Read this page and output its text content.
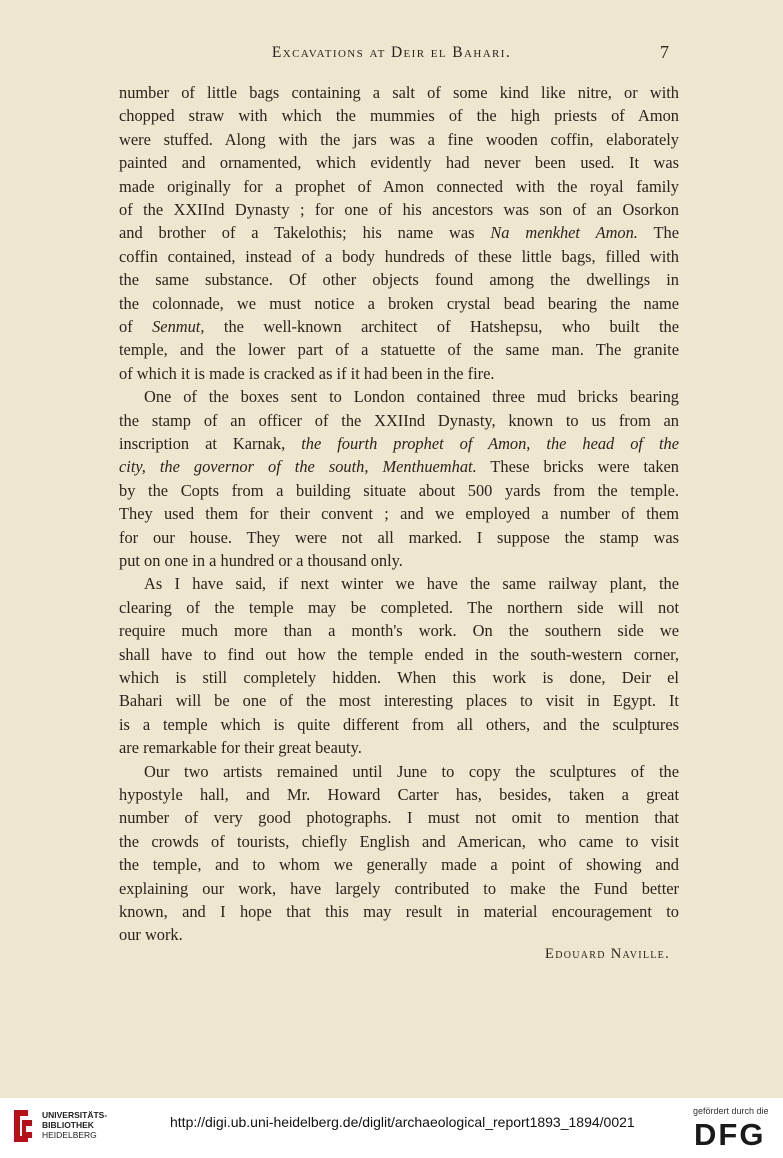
Excavations at Deir el Bahari.	7
number of little bags containing a salt of some kind like nitre, or with
chopped straw with which the mummies of the high priests of Amon
were stuffed. Along with the jars was a fine wooden coffin, elaborately
painted and ornamented, which evidently had never been used. It was
made originally for a prophet of Amon connected with the royal family
of the XXIInd Dynasty ; for one of his ancestors was son of an Osorkon
and brother of a Takelothis; his name was Na menkhet Amon. The
coffin contained, instead of a body hundreds of these little bags, filled with
the same substance. Of other objects found among the dwellings in
the colonnade, we must notice a broken crystal bead bearing the name
of Senmut, the well-known architect of Hatshepsu, who built the
temple, and the lower part of a statuette of the same man. The granite
of which it is made is cracked as if it had been in the fire.
One of the boxes sent to London contained three mud bricks bearing
the stamp of an officer of the XXIInd Dynasty, known to us from an
inscription at Karnak, the fourth prophet of Amon, the head of the
city, the governor of the south, Menthuemhat. These bricks were taken
by the Copts from a building situate about 500 yards from the temple.
They used them for their convent ; and we employed a number of them
for our house. They were not all marked. I suppose the stamp was
put on one in a hundred or a thousand only.
As I have said, if next winter we have the same railway plant, the
clearing of the temple may be completed. The northern side will not
require much more than a month's work. On the southern side we
shall have to find out how the temple ended in the south-western corner,
which is still completely hidden. When this work is done, Deir el
Bahari will be one of the most interesting places to visit in Egypt. It
is a temple which is quite different from all others, and the sculptures
are remarkable for their great beauty.
Our two artists remained until June to copy the sculptures of the
hypostyle hall, and Mr. Howard Carter has, besides, taken a great
number of very good photographs. I must not omit to mention that
the crowds of tourists, chiefly English and American, who came to visit
the temple, and to whom we generally made a point of showing and
explaining our work, have largely contributed to make the Fund better
known, and I hope that this may result in material encouragement to
our work.
Edouard Naville.
UNIVERSITÄTS-
BIBLIOTHEK
HEIDELBERG
http://digi.ub.uni-heidelberg.de/diglit/archaeological_report1893_1894/0021
gefördert durch die
DFG
